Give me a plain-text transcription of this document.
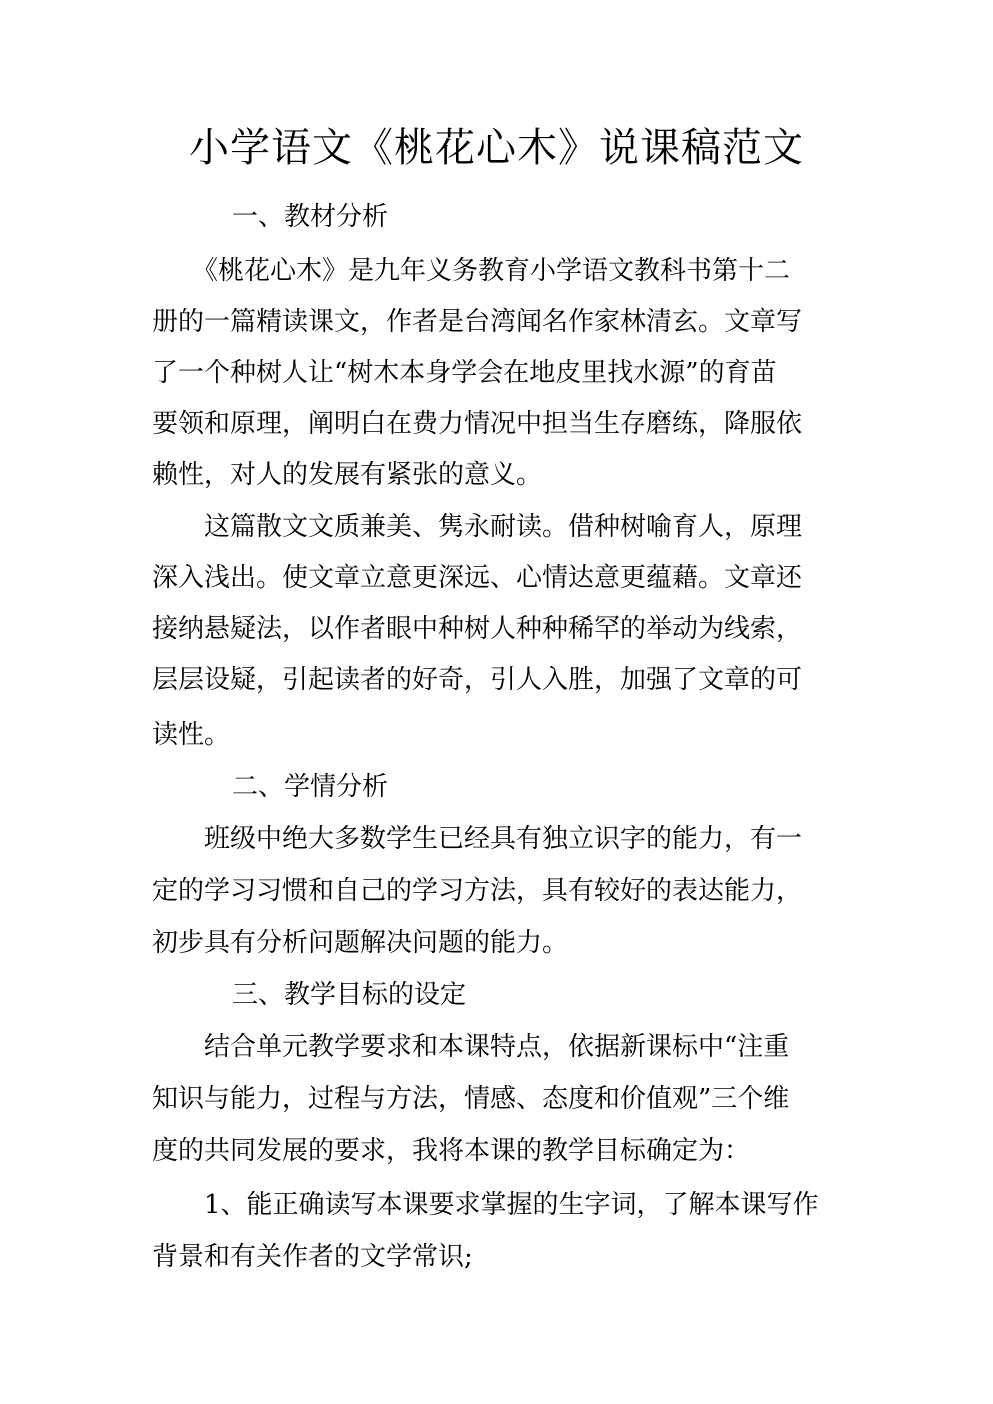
小学语文《桃花心木》说课稿范文
一、教材分析
《桃花心木》是九年义务教育小学语文教科书第十二
册的一篇精读课文，作者是台湾闻名作家林清玄。文章写
了一个种树人让“树木本身学会在地皮里找水源”的育苗
要领和原理，阐明白在费力情况中担当生存磨练，降服依
赖性，对人的发展有紧张的意义。
这篇散文文质兼美、隽永耐读。借种树喻育人，原理
深入浅出。使文章立意更深远、心情达意更蕴藉。文章还
接纳悬疑法，以作者眼中种树人种种稀罕的举动为线索，
层层设疑，引起读者的好奇，引人入胜，加强了文章的可
读性。
二、学情分析
班级中绝大多数学生已经具有独立识字的能力，有一
定的学习习惯和自己的学习方法，具有较好的表达能力，
初步具有分析问题解决问题的能力。
三、教学目标的设定
结合单元教学要求和本课特点，依据新课标中“注重
知识与能力，过程与方法，情感、态度和价值观”三个维
度的共同发展的要求，我将本课的教学目标确定为：
1、能正确读写本课要求掌握的生字词，了解本课写作
背景和有关作者的文学常识;
